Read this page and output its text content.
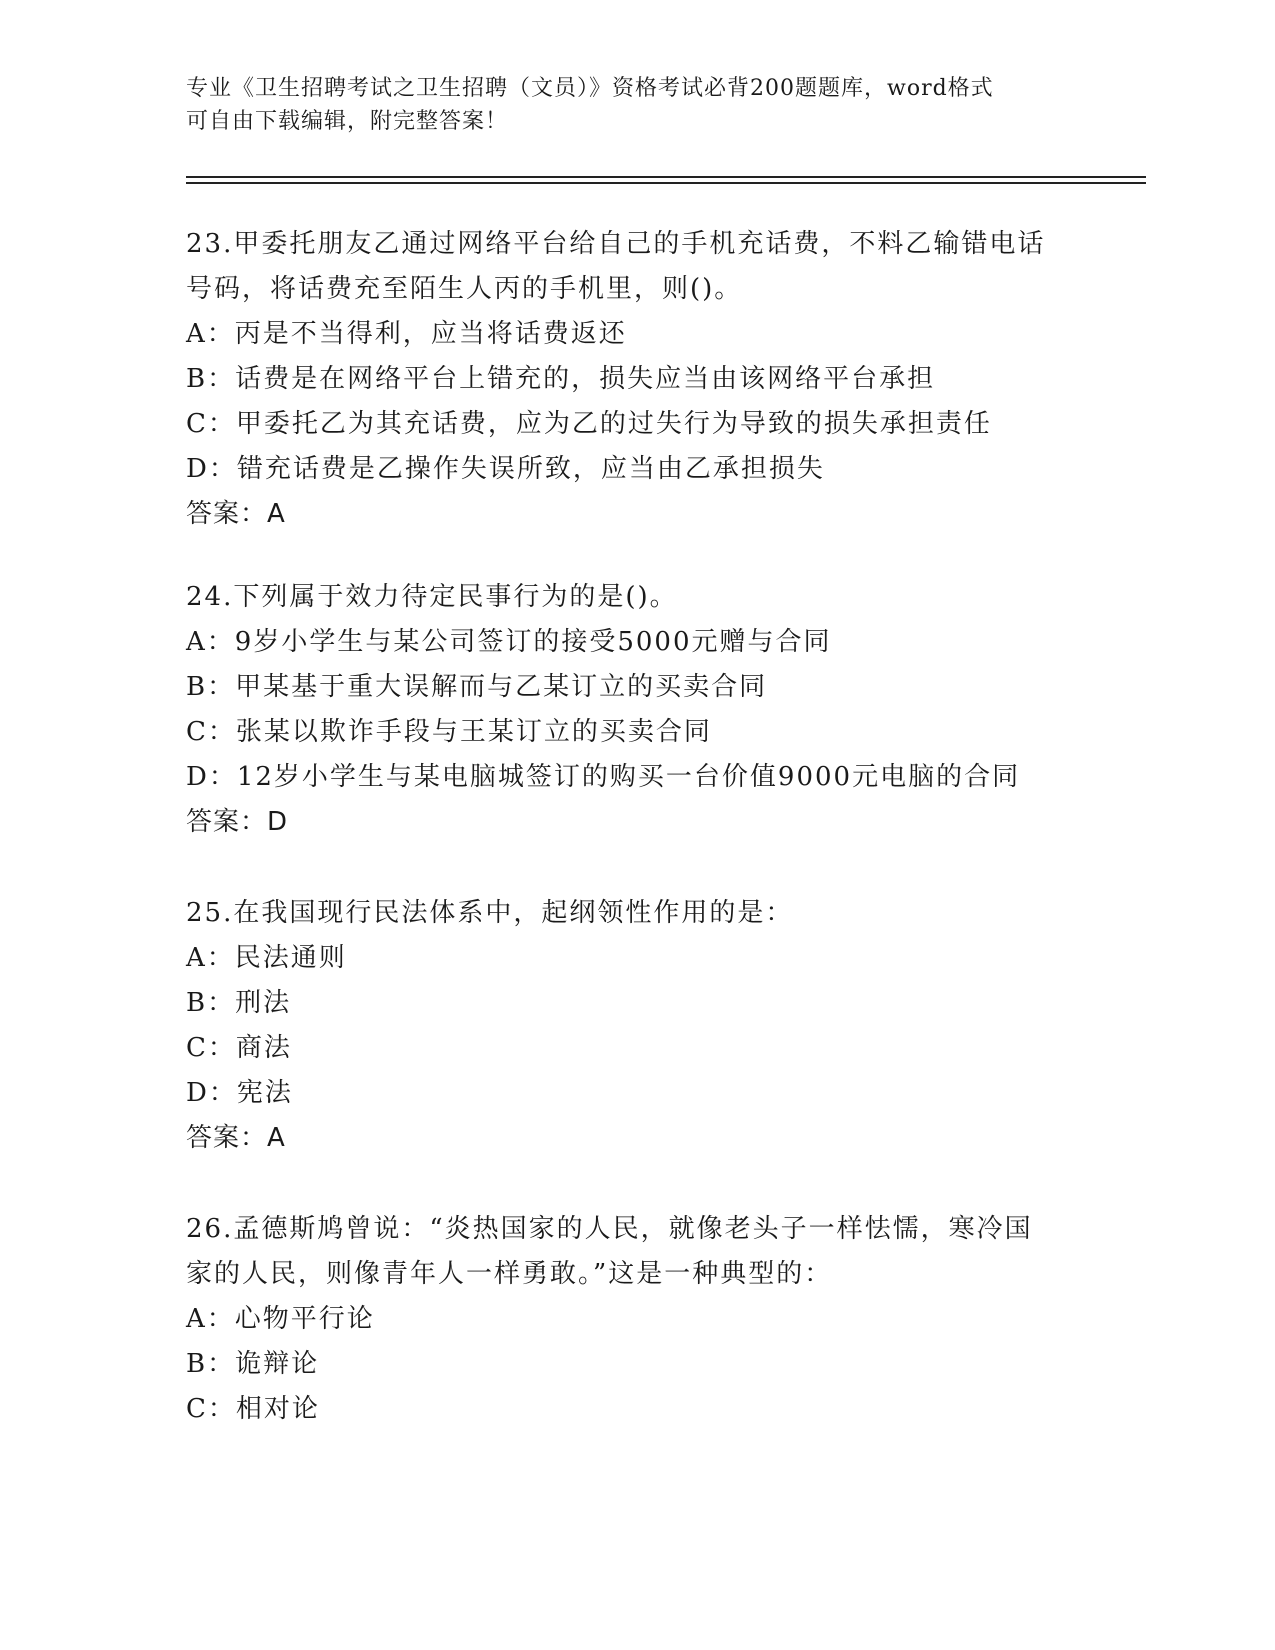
专业《卫生招聘考试之卫生招聘（文员）》资格考试必背200题题库，word格式
可自由下载编辑，附完整答案！
23.甲委托朋友乙通过网络平台给自己的手机充话费，不料乙输错电话
号码，将话费充至陌生人丙的手机里，则()。
A：丙是不当得利，应当将话费返还
B：话费是在网络平台上错充的，损失应当由该网络平台承担
C：甲委托乙为其充话费，应为乙的过失行为导致的损失承担责任
D：错充话费是乙操作失误所致，应当由乙承担损失
答案：A
24.下列属于效力待定民事行为的是()。
A：9岁小学生与某公司签订的接受5000元赠与合同
B：甲某基于重大误解而与乙某订立的买卖合同
C：张某以欺诈手段与王某订立的买卖合同
D：12岁小学生与某电脑城签订的购买一台价值9000元电脑的合同
答案：D
25.在我国现行民法体系中，起纲领性作用的是：
A：民法通则
B：刑法
C：商法
D：宪法
答案：A
26.孟德斯鸠曾说：“炎热国家的人民，就像老头子一样怯懦，寒冷国
家的人民，则像青年人一样勇敢。”这是一种典型的：
A：心物平行论
B：诡辩论
C：相对论
